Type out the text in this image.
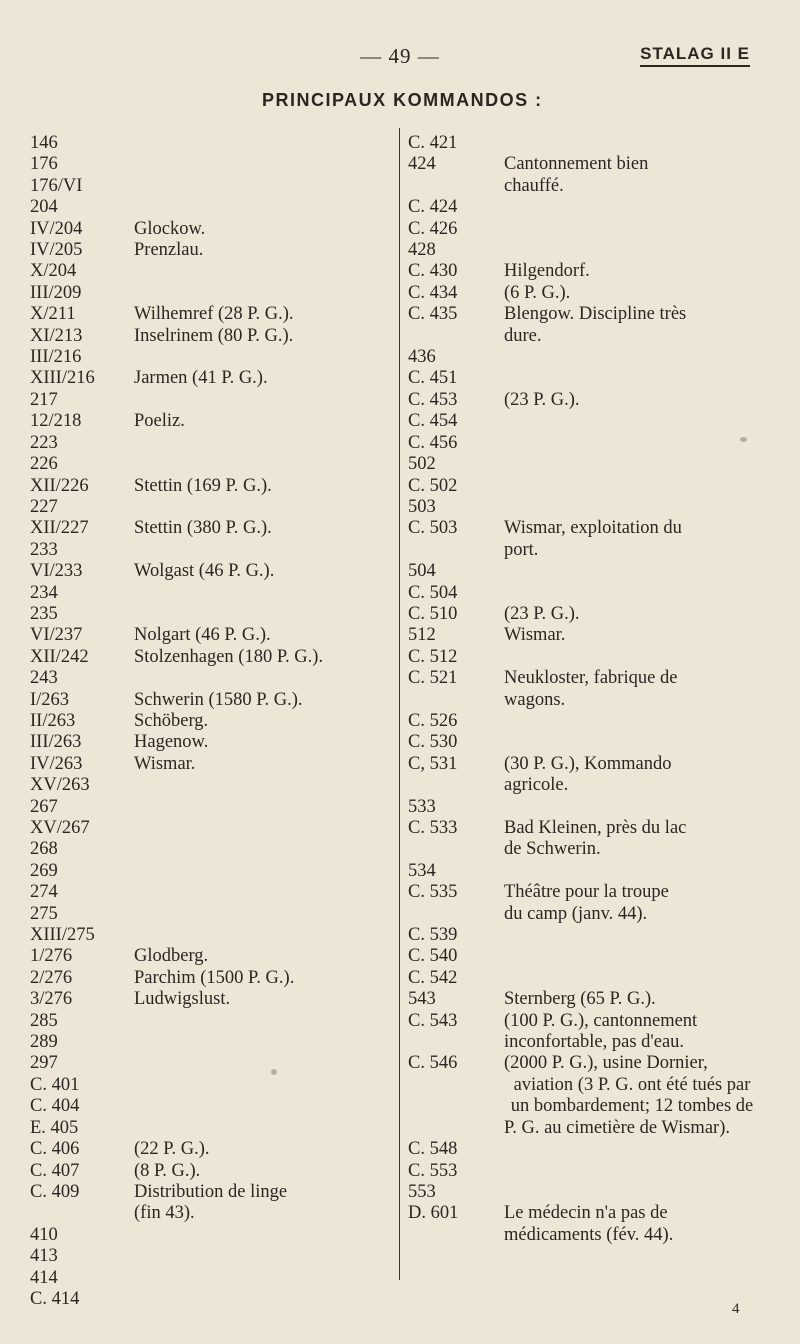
— 49 —	STALAG II E
PRINCIPAUX KOMMANDOS :
146
176
176/VI
204
IV/204	Glockow.
IV/205	Prenzlau.
X/204
III/209
X/211	Wilhemref (28 P. G.).
XI/213	Inselrinem (80 P. G.).
III/216
XIII/216	Jarmen (41 P. G.).
217
12/218	Poeliz.
223
226
XII/226	Stettin (169 P. G.).
227
XII/227	Stettin (380 P. G.).
233
VI/233	Wolgast (46 P. G.).
234
235
VI/237	Nolgart (46 P. G.).
XII/242	Stolzenhagen (180 P. G.).
243
I/263	Schwerin (1580 P. G.).
II/263	Schöberg.
III/263	Hagenow.
IV/263	Wismar.
XV/263
267
XV/267
268
269
274
275
XIII/275
1/276	Glodberg.
2/276	Parchim (1500 P. G.).
3/276	Ludwigslust.
285
289
297
C. 401
C. 404
E. 405
C. 406	(22 P. G.).
C. 407	(8 P. G.).
C. 409	Distribution de linge
(fin 43).
410
413
414
C. 414
C. 421
424	Cantonnement bien
chauffé.
C. 424
C. 426
428
C. 430	Hilgendorf.
C. 434	(6 P. G.).
C. 435	Blengow. Discipline très
dure.
436
C. 451
C. 453	(23 P. G.).
C. 454
C. 456
502
C. 502
503
C. 503	Wismar, exploitation du
port.
504
C. 504
C. 510	(23 P. G.).
512	Wismar.
C. 512
C. 521	Neukloster, fabrique de
wagons.
C. 526
C. 530
C, 531	(30 P. G.), Kommando
agricole.
533
C. 533	Bad Kleinen, près du lac
de Schwerin.
534
C. 535	Théâtre pour la troupe
du camp (janv. 44).
C. 539
C. 540
C. 542
543	Sternberg (65 P. G.).
C. 543	(100 P. G.), cantonnement
inconfortable, pas d'eau.
C. 546	(2000 P. G.), usine Dornier,
aviation (3 P. G. ont été tués par un bombardement; 12 tombes de P. G. au cimetière de Wismar).
C. 548
C. 553
553
D. 601	Le médecin n'a pas de
médicaments (fév. 44).
4
